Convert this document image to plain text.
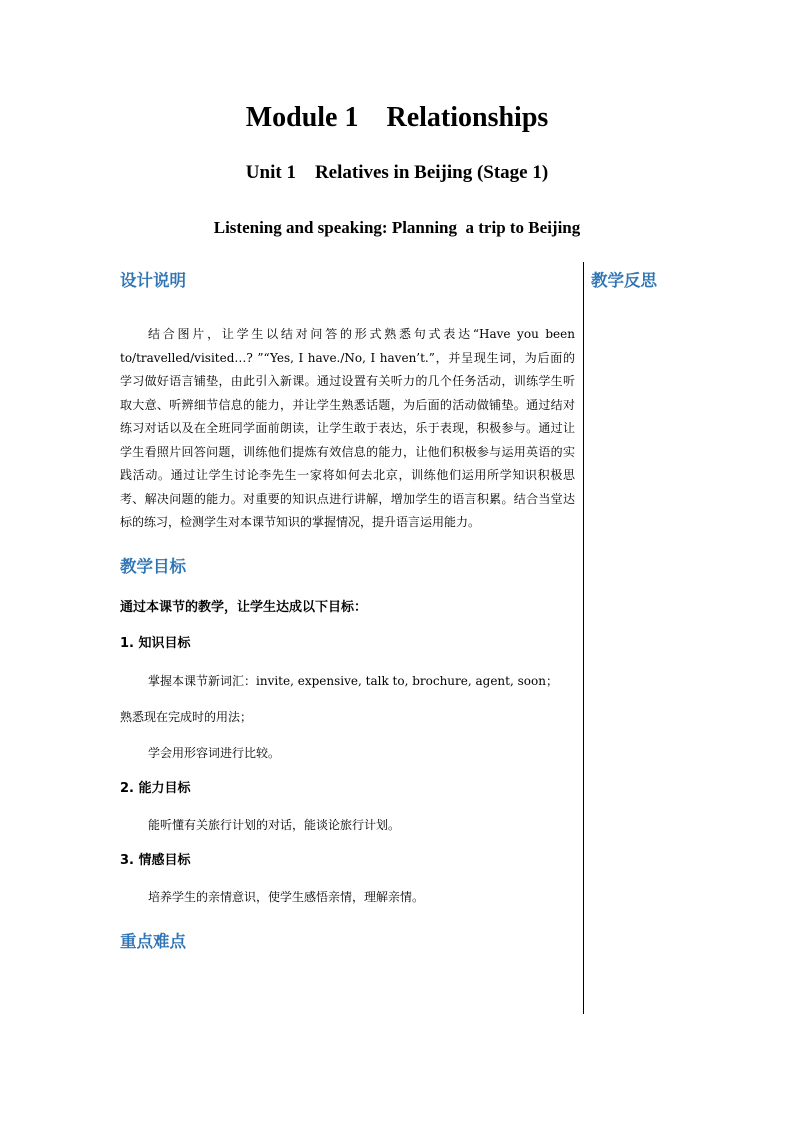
Module 1    Relationships
Unit 1    Relatives in Beijing (Stage 1)
Listening and speaking: Planning  a trip to Beijing
设计说明

结合图片，让学生以结对问答的形式熟悉句式表达“Have you been to/travelled/visited…? ”“Yes, I have./No, I haven’t.”，并呈现生词，为后面的学习做好语言铺垫，由此引入新课。通过设置有关听力的几个任务活动，训练学生听取大意、听辨细节信息的能力，并让学生熟悉话题，为后面的活动做铺垫。通过结对练习对话以及在全班同学面前朗读，让学生敢于表达，乐于表现，积极参与。通过让学生看照片回答问题，训练他们提炼有效信息的能力，让他们积极参与运用英语的实践活动。通过让学生讨论李先生一家将如何去北京，训练他们运用所学知识积极思考、解决问题的能力。对重要的知识点进行讲解，增加学生的语言积累。结合当堂达标的练习，检测学生对本课节知识的掌握情况，提升语言运用能力。

教学目标

通过本课节的教学，让学生达成以下目标：

1. 知识目标

掌握本课节新词汇：invite, expensive, talk to, brochure, agent, soon；

熟悉现在完成时的用法；

学会用形容词进行比较。

2. 能力目标

能听懂有关旅行计划的对话，能谈论旅行计划。

3. 情感目标

培养学生的亲情意识，使学生感悟亲情，理解亲情。

重点难点
教学反思
